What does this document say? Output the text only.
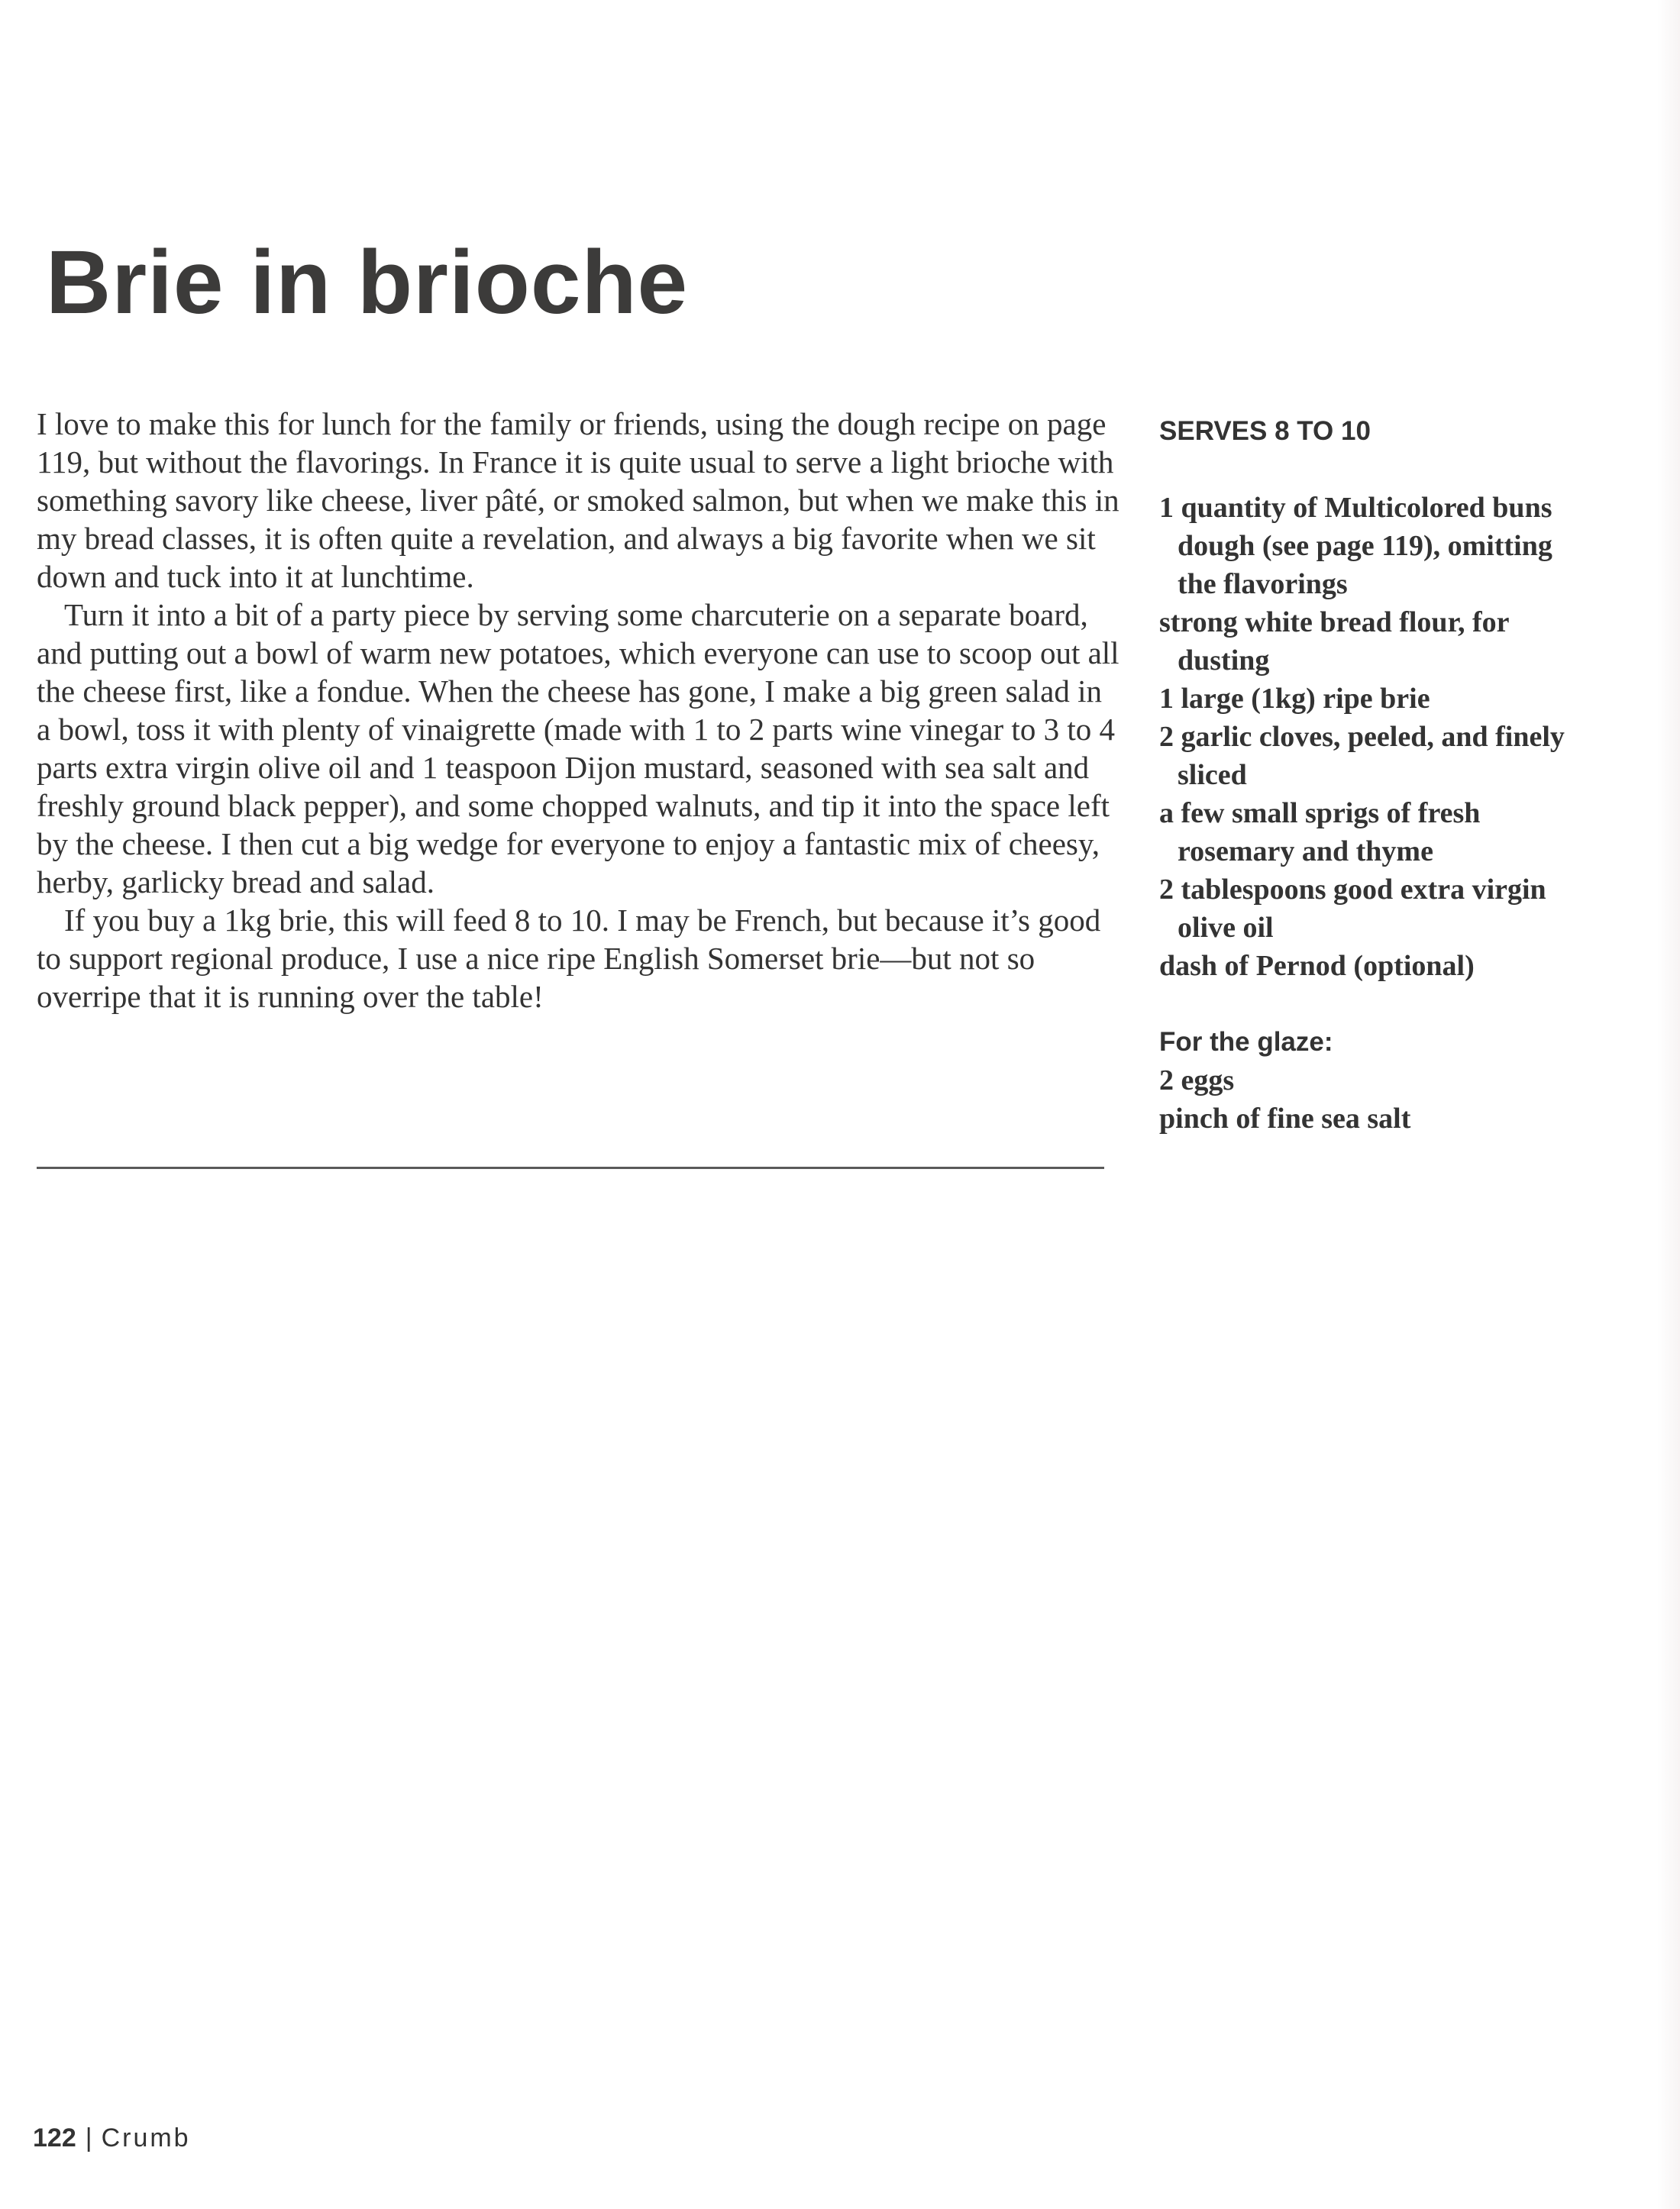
Brie in brioche

I love to make this for lunch for the family or friends, using the dough recipe on page 119, but without the flavorings. In France it is quite usual to serve a light brioche with something savory like cheese, liver pâté, or smoked salmon, but when we make this in my bread classes, it is often quite a revelation, and always a big favorite when we sit down and tuck into it at lunchtime.

Turn it into a bit of a party piece by serving some charcuterie on a separate board, and putting out a bowl of warm new potatoes, which everyone can use to scoop out all the cheese first, like a fondue. When the cheese has gone, I make a big green salad in a bowl, toss it with plenty of vinaigrette (made with 1 to 2 parts wine vinegar to 3 to 4 parts extra virgin olive oil and 1 teaspoon Dijon mustard, seasoned with sea salt and freshly ground black pepper), and some chopped walnuts, and tip it into the space left by the cheese. I then cut a big wedge for everyone to enjoy a fantastic mix of cheesy, herby, garlicky bread and salad.

If you buy a 1kg brie, this will feed 8 to 10. I may be French, but because it’s good to support regional produce, I use a nice ripe English Somerset brie—but not so overripe that it is running over the table!

SERVES 8 TO 10
1 quantity of Multicolored buns dough (see page 119), omitting the flavorings
strong white bread flour, for dusting
1 large (1kg) ripe brie
2 garlic cloves, peeled, and finely sliced
a few small sprigs of fresh rosemary and thyme
2 tablespoons good extra virgin olive oil
dash of Pernod (optional)
For the glaze:
2 eggs
pinch of fine sea salt
122 | Crumb
